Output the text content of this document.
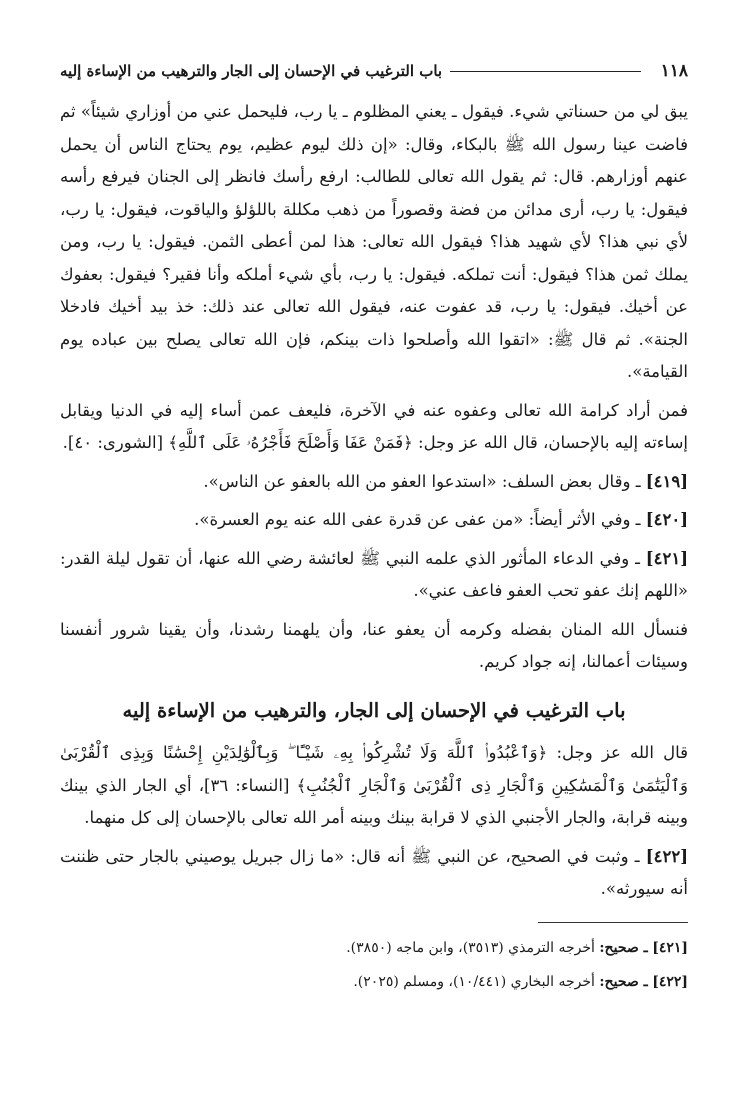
١١٨
باب الترغيب في الإحسان إلى الجار والترهيب من الإساءة إليه

يبق لي من حسناتي شيء. فيقول ـ يعني المظلوم ـ يا رب، فليحمل عني من أوزاري شيئاً» ثم فاضت عينا رسول الله ﷺ بالبكاء، وقال: «إن ذلك ليوم عظيم، يوم يحتاج الناس أن يحمل عنهم أوزارهم. قال: ثم يقول الله تعالى للطالب: ارفع رأسك فانظر إلى الجنان فيرفع رأسه فيقول: يا رب، أرى مدائن من فضة وقصوراً من ذهب مكللة باللؤلؤ والياقوت، فيقول: يا رب، لأي نبي هذا؟ لأي شهيد هذا؟ فيقول الله تعالى: هذا لمن أعطى الثمن. فيقول: يا رب، ومن يملك ثمن هذا؟ فيقول: أنت تملكه. فيقول: يا رب، بأي شيء أملكه وأنا فقير؟ فيقول: بعفوك عن أخيك. فيقول: يا رب، قد عفوت عنه، فيقول الله تعالى عند ذلك: خذ بيد أخيك فادخلا الجنة». ثم قال ﷺ: «اتقوا الله وأصلحوا ذات بينكم، فإن الله تعالى يصلح بين عباده يوم القيامة».

فمن أراد كرامة الله تعالى وعفوه عنه في الآخرة، فليعف عمن أساء إليه في الدنيا ويقابل إساءته إليه بالإحسان، قال الله عز وجل: ﴿فَمَنْ عَفَا وَأَصْلَحَ فَأَجْرُهُۥ عَلَى ٱللَّهِ﴾ [الشورى: ٤٠].

[٤١٩] ـ وقال بعض السلف: «استدعوا العفو من الله بالعفو عن الناس».

[٤٢٠] ـ وفي الأثر أيضاً: «من عفى عن قدرة عفى الله عنه يوم العسرة».

[٤٢١] ـ وفي الدعاء المأثور الذي علمه النبي ﷺ لعائشة رضي الله عنها، أن تقول ليلة القدر: «اللهم إنك عفو تحب العفو فاعف عني».

فنسأل الله المنان بفضله وكرمه أن يعفو عنا، وأن يلهمنا رشدنا، وأن يقينا شرور أنفسنا وسيئات أعمالنا، إنه جواد كريم.

باب الترغيب في الإحسان إلى الجار، والترهيب من الإساءة إليه

قال الله عز وجل: ﴿وَٱعْبُدُوا۟ ٱللَّهَ وَلَا تُشْرِكُوا۟ بِهِۦ شَيْـًٔا ۖ وَبِٱلْوَٰلِدَيْنِ إِحْسَٰنًا وَبِذِى ٱلْقُرْبَىٰ وَٱلْيَتَٰمَىٰ وَٱلْمَسَٰكِينِ وَٱلْجَارِ ذِى ٱلْقُرْبَىٰ وَٱلْجَارِ ٱلْجُنُبِ﴾ [النساء: ٣٦]، أي الجار الذي بينك وبينه قرابة، والجار الأجنبي الذي لا قرابة بينك وبينه أمر الله تعالى بالإحسان إلى كل منهما.

[٤٢٢] ـ وثبت في الصحيح، عن النبي ﷺ أنه قال: «ما زال جبريل يوصيني بالجار حتى ظننت أنه سيورثه».

[٤٢١] ـ صحيح: أخرجه الترمذي (٣٥١٣)، وابن ماجه (٣٨٥٠).

[٤٢٢] ـ صحيح: أخرجه البخاري (١٠/٤٤١)، ومسلم (٢٠٢٥).
